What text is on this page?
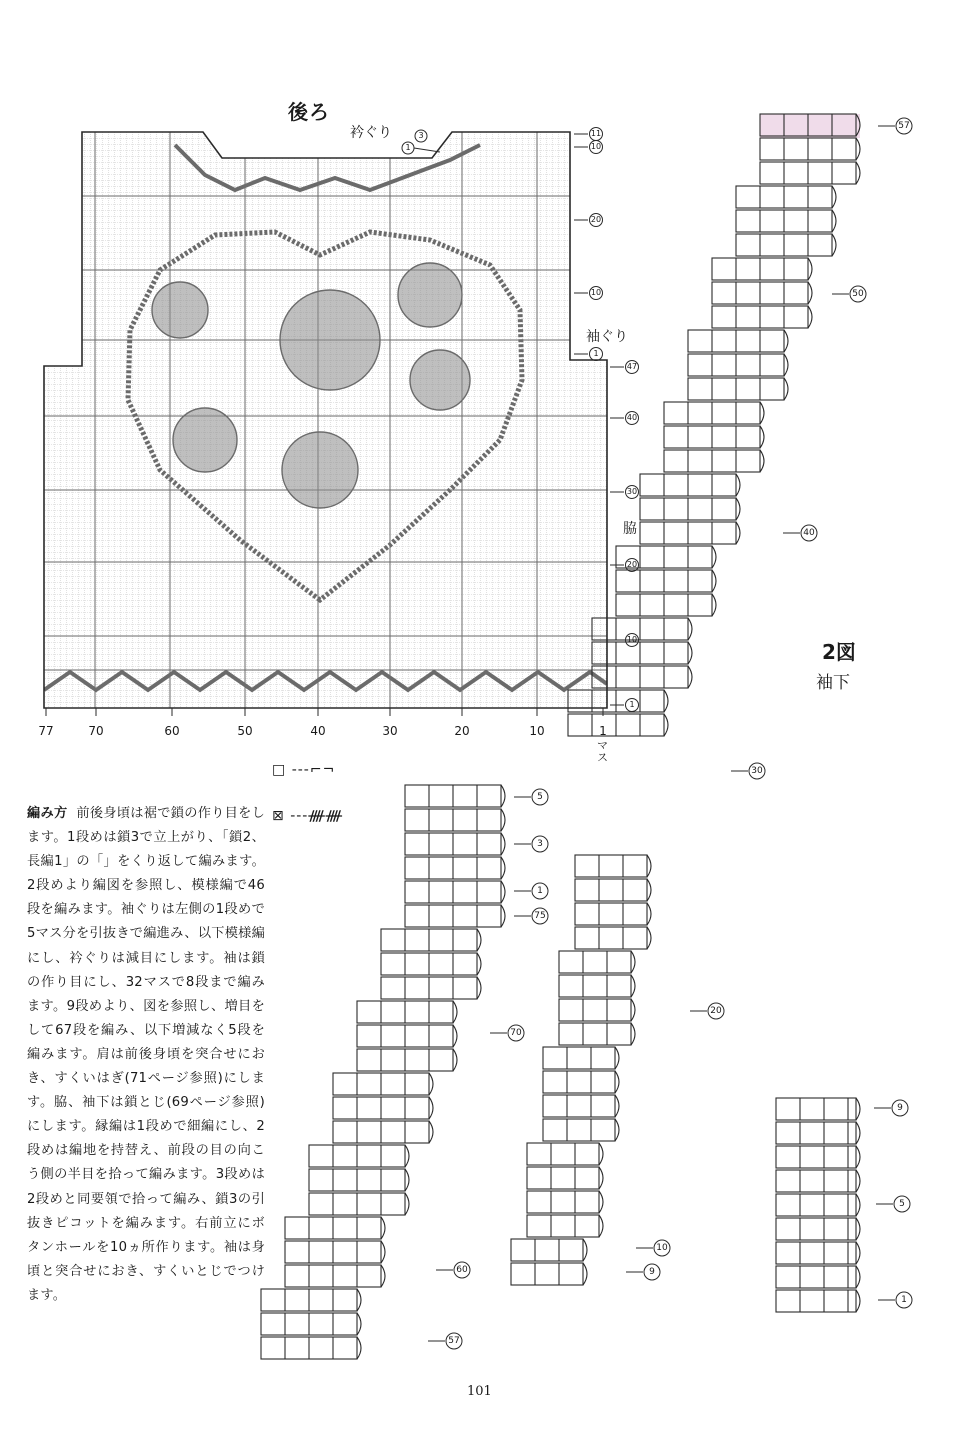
後ろ
衿ぐり
袖ぐり
脇
□ ---⌐¬
⊠ ---ᚎᚎ
編み方 前後身頃は裾で鎖の作り目をします。1段めは鎖3で立上がり、「鎖2、長編1」の「」をくり返して編みます。2段めより編図を参照し、模様編で46段を編みます。袖ぐりは左側の1段めで5マス分を引抜きで編進み、以下模様編にし、衿ぐりは減目にします。袖は鎖の作り目にし、32マスで8段まで編みます。9段めより、図を参照し、増目をして67段を編み、以下増減なく5段を編みます。肩は前後身頃を突合せにおき、すくいはぎ(71ページ参照)にします。脇、袖下は鎖とじ(69ページ参照)にします。縁編は1段めで細編にし、2段めは編地を持替え、前段の目の向こう側の半目を拾って編みます。3段めは2段めと同要領で拾って編み、鎖3の引抜きピコットを編みます。右前立にボタンホールを10ヵ所作ります。袖は身頃と突合せにおき、すくいとじでつけます。
2図
袖下
11
10
20
10
1
47
40
30
20
10
1
3
1
77	70	60	50	40	30	20	10	1
マス
57
50
40
30
20
5
3
1
75
70
60
57
10
9
9
5
1
101
